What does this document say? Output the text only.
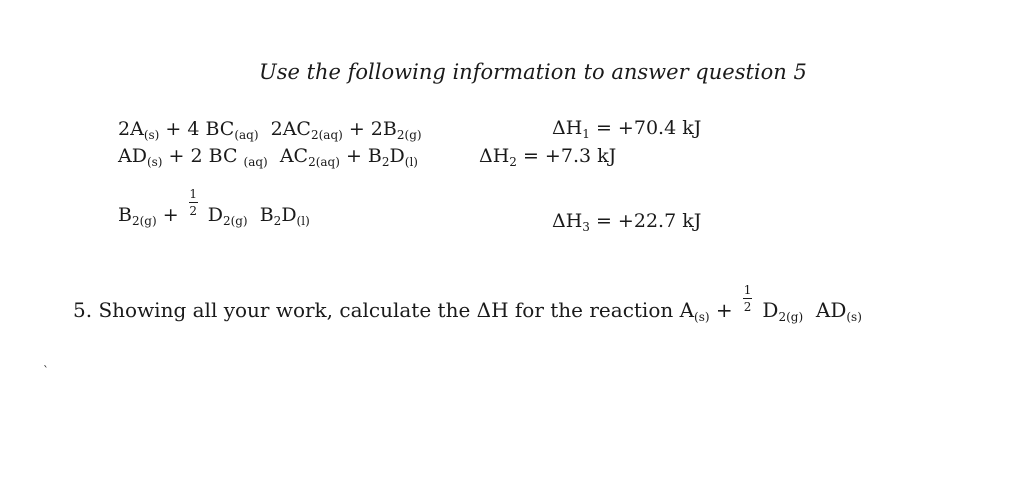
Use the following information to answer question 5
$2A_{(s)} + 4$ $BC_{(aq)}$  $2AC_{2(aq)} + 2B_{2(g)}$	$\Delta H_1 = +70.4$ kJ
$AD_{(s)} + 2$ BC $_{(aq)}$  $AC_{2(aq)} + B_2D_{(l)}$	$\Delta H_2 = +7.3$ kJ
$B_{2(g)} + \frac{1}{2} D_{2(g)}$  $B_2D_{(l)}$	$\Delta H_3 = +22.7$ kJ
5. Showing all your work, calculate the ΔH for the reaction $A_{(s)} + \frac{1}{2} D_{2(g)}$  $AD_{(s)}$
`
